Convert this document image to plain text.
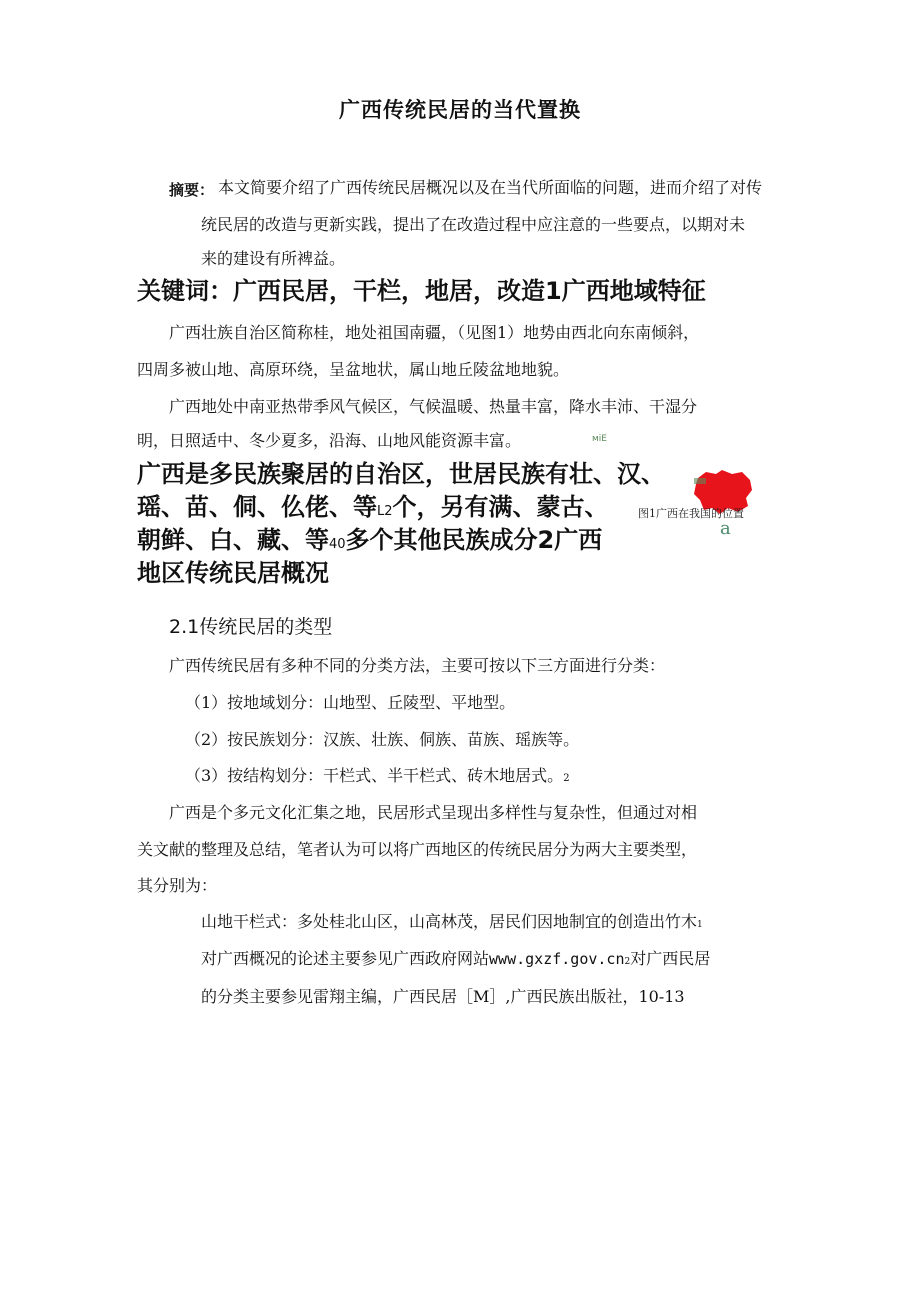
广西传统民居的当代置换
摘要： 本文简要介绍了广西传统民居概况以及在当代所面临的问题，进而介绍了对传
统民居的改造与更新实践，提出了在改造过程中应注意的一些要点，以期对未
来的建设有所裨益。
关键词：广西民居，干栏，地居，改造1广西地域特征
广西壮族自治区简称桂，地处祖国南疆，（见图1）地势由西北向东南倾斜，
四周多被山地、高原环绕，呈盆地状，属山地丘陵盆地地貌。
广西地处中南亚热带季风气候区，气候温暖、热量丰富，降水丰沛、干湿分
明，日照适中、冬少夏多，沿海、山地风能资源丰富。	міЕ
广西是多民族聚居的自治区，世居民族有壮、汉、
瑶、苗、侗、仫佬、等L2个，另有满、蒙古、
朝鲜、白、藏、等40多个其他民族成分2广西
地区传统民居概况
图1广西在我国的位置
a
2.1传统民居的类型
广西传统民居有多种不同的分类方法，主要可按以下三方面进行分类：
（1）按地域划分：山地型、丘陵型、平地型。
（2）按民族划分：汉族、壮族、侗族、苗族、瑶族等。
（3）按结构划分：干栏式、半干栏式、砖木地居式。2
广西是个多元文化汇集之地，民居形式呈现出多样性与复杂性，但通过对相
关文献的整理及总结，笔者认为可以将广西地区的传统民居分为两大主要类型，
其分别为：
山地干栏式：多处桂北山区，山高林茂，居民们因地制宜的创造出竹木1
对广西概况的论述主要参见广西政府网站www.gxzf.gov.cn2对广西民居
的分类主要参见雷翔主编，广西民居［M］,广西民族出版社，10-13
